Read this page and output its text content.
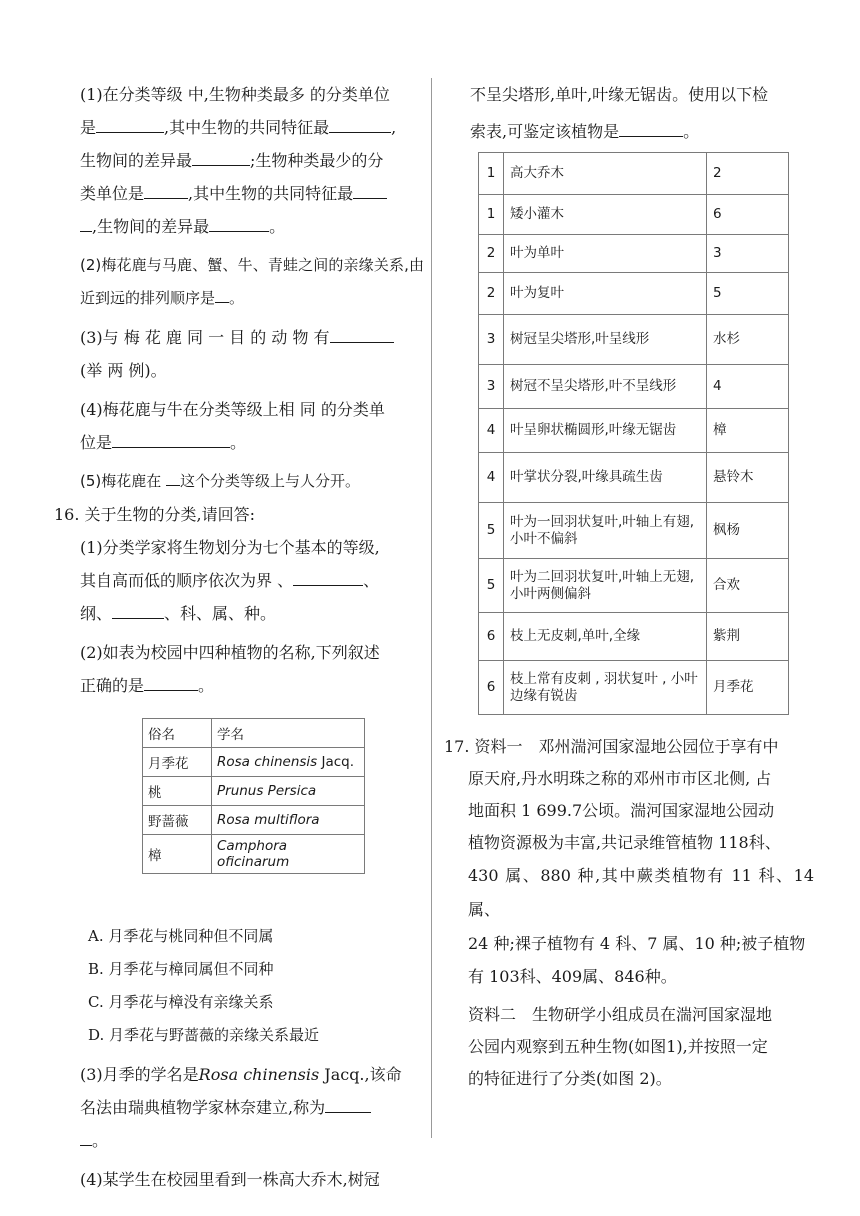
(1)在分类等级 中,生物种类最多 的分类单位

是	,其中生物的共同特征最	,

生物间的差异最	;生物种类最少的分

类单位是	,其中生物的共同特征最

,生物间的差异最	。

(2)梅花鹿与马鹿、蟹、牛、青蛙之间的亲缘关系,由近到远的排列顺序是 。

(3)与 梅 花 鹿 同 一 目 的 动 物 有

(举 两 例)。

(4)梅花鹿与牛在分类等级上相 同 的分类单

位是	。

(5)梅花鹿在 这个分类等级上与人分开。

16. 关于生物的分类,请回答:

(1)分类学家将生物划分为七个基本的等级,

其自高而低的顺序依次为界 、	、

纲、	、科、属、种。

(2)如表为校园中四种植物的名称,下列叙述

正确的是	。

俗名	学名
月季花	Rosa chinensis Jacq.
桃	Prunus Persica
野蔷薇	Rosa multiflora
樟	Camphora oficinarum

A. 月季花与桃同种但不同属

B. 月季花与樟同属但不同种

C. 月季花与樟没有亲缘关系

D. 月季花与野蔷薇的亲缘关系最近

(3)月季的学名是Rosa chinensis Jacq.,该命

名法由瑞典植物学家林奈建立,称为

。

(4)某学生在校园里看到一株高大乔木,树冠

不呈尖塔形,单叶,叶缘无锯齿。使用以下检

索表,可鉴定该植物是	。

1	高大乔木	2
1	矮小灌木	6
2	叶为单叶	3
2	叶为复叶	5
3	树冠呈尖塔形,叶呈线形	水杉
3	树冠不呈尖塔形,叶不呈线形	4
4	叶呈卵状椭圆形,叶缘无锯齿	樟
4	叶掌状分裂,叶缘具疏生齿	悬铃木
5	叶为一回羽状复叶,叶轴上有翅,小叶不偏斜	枫杨
5	叶为二回羽状复叶,叶轴上无翅,小叶两侧偏斜	合欢
6	枝上无皮刺,单叶,全缘	紫荆
6	枝上常有皮刺 , 羽状复叶 , 小叶边缘有锐齿	月季花

17. 资料一　邓州湍河国家湿地公园位于享有中

原天府,丹水明珠之称的邓州市市区北侧, 占

地面积 1 699.7公顷。湍河国家湿地公园动

植物资源极为丰富,共记录维管植物 118科、

430 属、880 种,其中蕨类植物有 11 科、14 属、

24 种;裸子植物有 4 科、7 属、10 种;被子植物

有 103科、409属、846种。

资料二　生物研学小组成员在湍河国家湿地

公园内观察到五种生物(如图1),并按照一定

的特征进行了分类(如图 2)。
